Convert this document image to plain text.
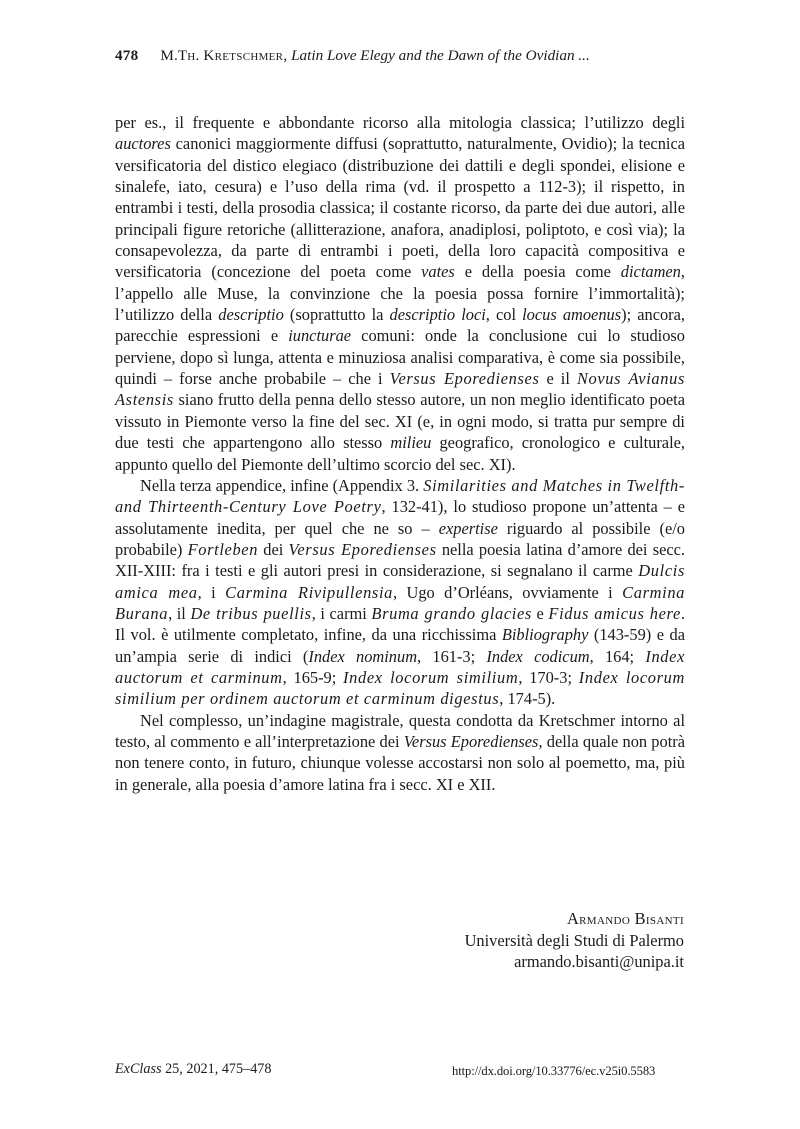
478 M.Th. Kretschmer, Latin Love Elegy and the Dawn of the Ovidian ...

per es., il frequente e abbondante ricorso alla mitologia classica; l’utilizzo degli auctores canonici maggiormente diffusi (soprattutto, naturalmente, Ovidio); la tecnica versificatoria del distico elegiaco (distribuzione dei dattili e degli spondei, elisione e sinalefe, iato, cesura) e l’uso della rima (vd. il prospetto a 112-3); il rispetto, in entrambi i testi, della prosodia classica; il costante ricorso, da parte dei due autori, alle principali figure retoriche (allitterazione, anafora, anadiplosi, poliptoto, e così via); la consapevolezza, da parte di entrambi i poeti, della loro capacità compositiva e versificatoria (concezione del poeta come vates e della poesia come dictamen, l’appello alle Muse, la convinzione che la poesia possa fornire l’immortalità); l’utilizzo della descriptio (soprattutto la descriptio loci, col locus amoenus); ancora, parecchie espressioni e iuncturae comuni: onde la conclusione cui lo studioso perviene, dopo sì lunga, attenta e minuziosa analisi comparativa, è come sia possibile, quindi – forse anche probabile – che i Versus Eporedienses e il Novus Avianus Astensis siano frutto della penna dello stesso autore, un non meglio identificato poeta vissuto in Piemonte verso la fine del sec. XI (e, in ogni modo, si tratta pur sempre di due testi che appartengono allo stesso milieu geografico, cronologico e culturale, appunto quello del Piemonte dell’ultimo scorcio del sec. XI).

Nella terza appendice, infine (Appendix 3. Similarities and Matches in Twelfth- and Thirteenth-Century Love Poetry, 132-41), lo studioso propone un’attenta – e assolutamente inedita, per quel che ne so – expertise riguardo al possibile (e/o probabile) Fortleben dei Versus Eporedienses nella poesia latina d’amore dei secc. XII-XIII: fra i testi e gli autori presi in considerazione, si segnalano il carme Dulcis amica mea, i Carmina Rivipullensia, Ugo d’Orléans, ovviamente i Carmina Burana, il De tribus puellis, i carmi Bruma grando glacies e Fidus amicus here. Il vol. è utilmente completato, infine, da una ricchissima Bibliography (143-59) e da un’ampia serie di indici (Index nominum, 161-3; Index codicum, 164; Index auctorum et carminum, 165-9; Index locorum similium, 170-3; Index locorum similium per ordinem auctorum et carminum digestus, 174-5).

Nel complesso, un’indagine magistrale, questa condotta da Kretschmer intorno al testo, al commento e all’interpretazione dei Versus Eporedienses, della quale non potrà non tenere conto, in futuro, chiunque volesse accostarsi non solo al poemetto, ma, più in generale, alla poesia d’amore latina fra i secc. XI e XII.

Armando Bisanti
Università degli Studi di Palermo
armando.bisanti@unipa.it
ExClass 25, 2021, 475–478	http://dx.doi.org/10.33776/ec.v25i0.5583
